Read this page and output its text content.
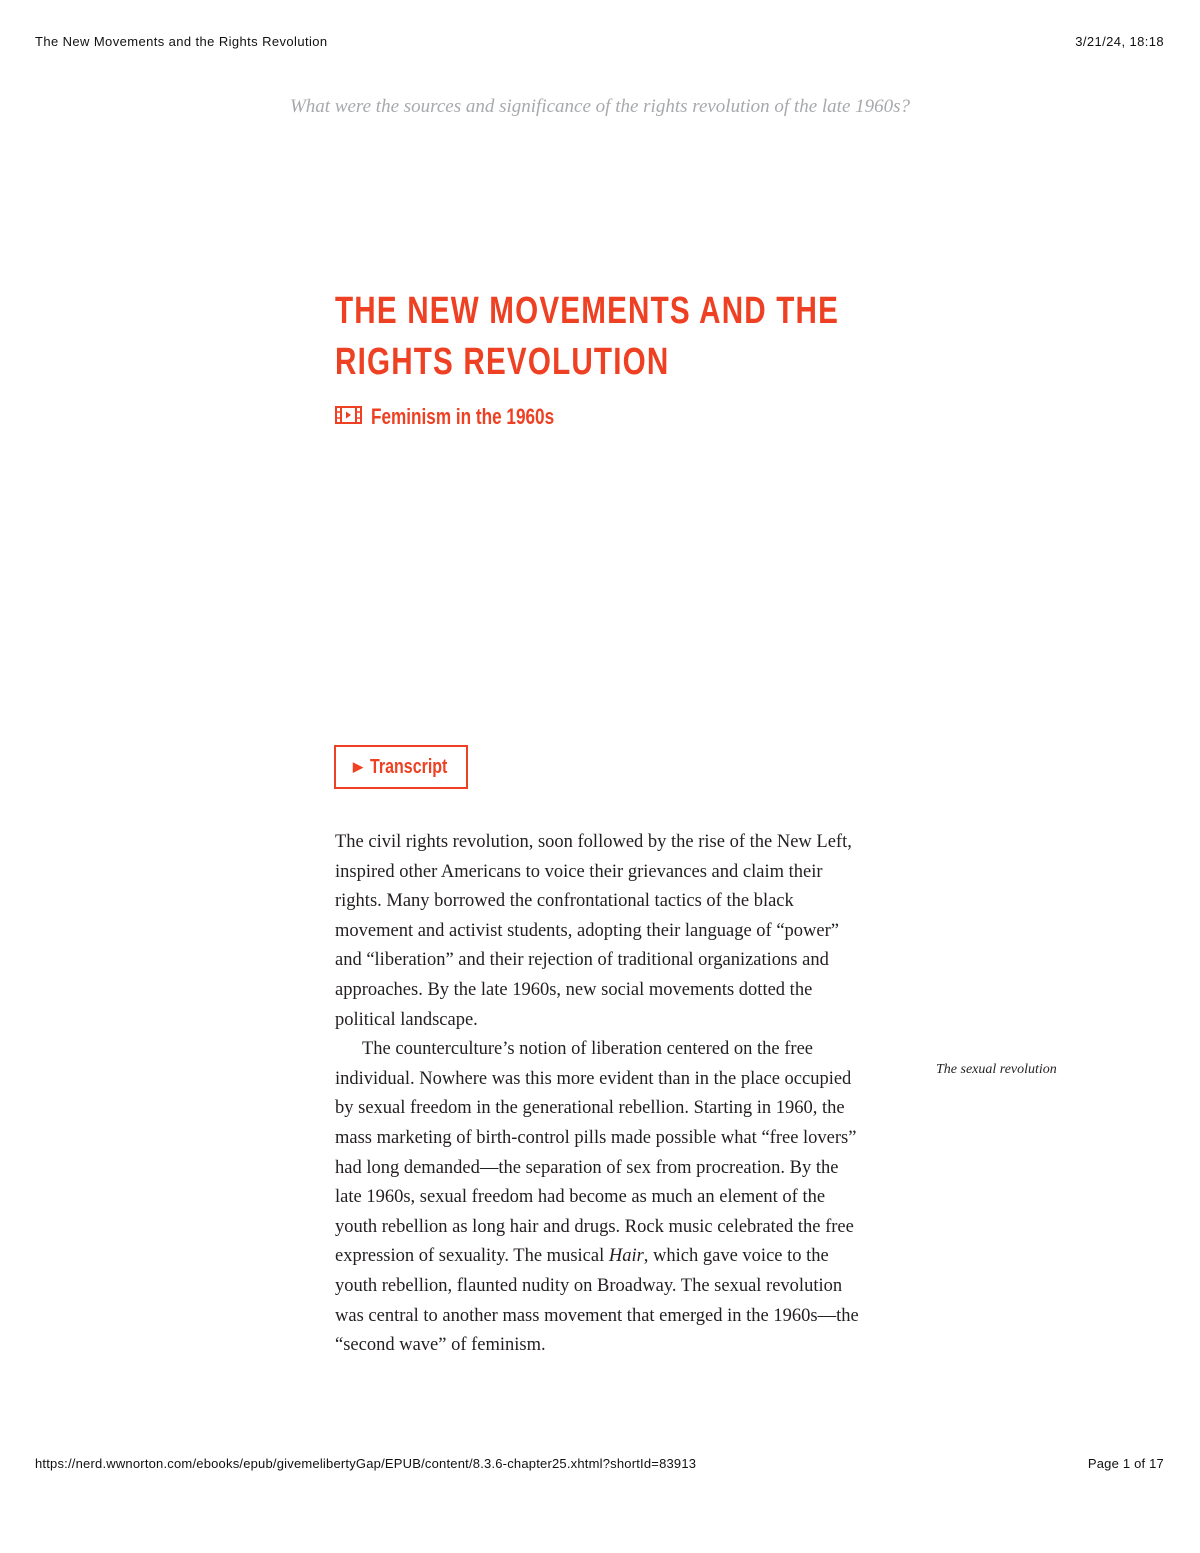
The New Movements and the Rights Revolution	3/21/24, 18:18
What were the sources and significance of the rights revolution of the late 1960s?
THE NEW MOVEMENTS AND THE
RIGHTS REVOLUTION
Feminism in the 1960s
▶ Transcript

The civil rights revolution, soon followed by the rise of the New Left, inspired other Americans to voice their grievances and claim their rights. Many borrowed the confrontational tactics of the black movement and activist students, adopting their language of “power” and “liberation” and their rejection of traditional organizations and approaches. By the late 1960s, new social movements dotted the political landscape.

The counterculture’s notion of liberation centered on the free individual. Nowhere was this more evident than in the place occupied by sexual freedom in the generational rebellion. Starting in 1960, the mass marketing of birth-control pills made possible what “free lovers” had long demanded—the separation of sex from procreation. By the late 1960s, sexual freedom had become as much an element of the youth rebellion as long hair and drugs. Rock music celebrated the free expression of sexuality. The musical Hair, which gave voice to the youth rebellion, flaunted nudity on Broadway. The sexual revolution was central to another mass movement that emerged in the 1960s—the “second wave” of feminism.

The sexual revolution
https://nerd.wwnorton.com/ebooks/epub/givemelibertyGap/EPUB/content/8.3.6-chapter25.xhtml?shortId=83913	Page 1 of 17
